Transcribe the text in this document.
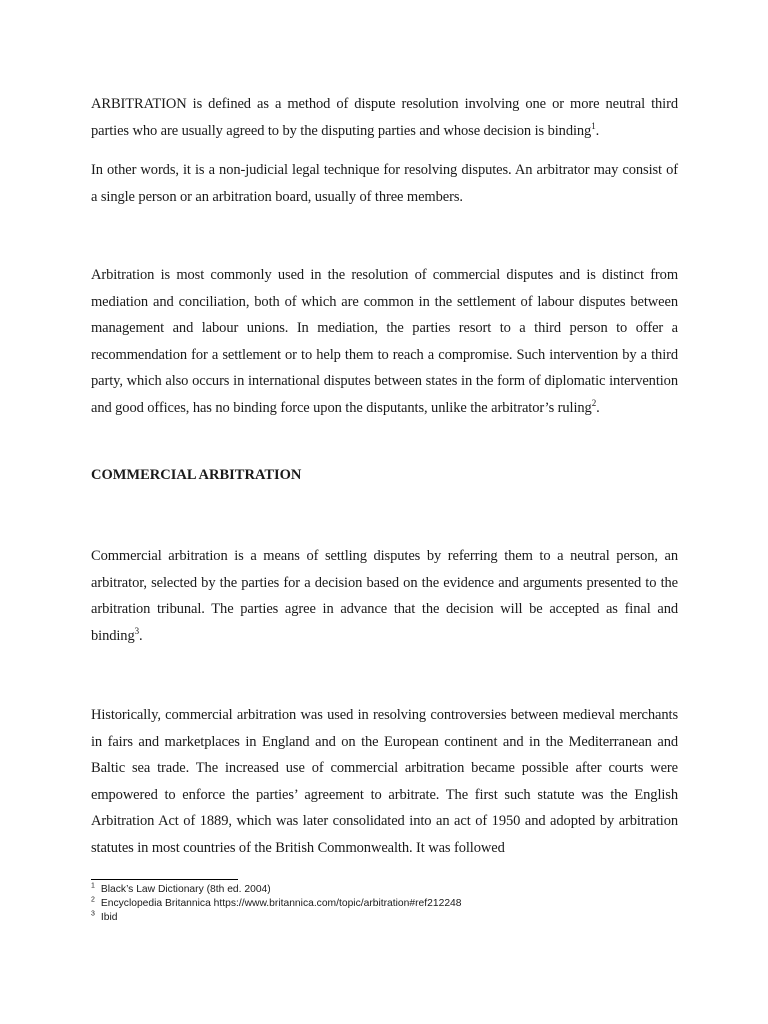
ARBITRATION is defined as a method of dispute resolution involving one or more neutral third parties who are usually agreed to by the disputing parties and whose decision is binding$^1$.

In other words, it is a non-judicial legal technique for resolving disputes. An arbitrator may consist of a single person or an arbitration board, usually of three members.

Arbitration is most commonly used in the resolution of commercial disputes and is distinct from mediation and conciliation, both of which are common in the settlement of labour disputes between management and labour unions. In mediation, the parties resort to a third person to offer a recommendation for a settlement or to help them to reach a compromise. Such intervention by a third party, which also occurs in international disputes between states in the form of diplomatic intervention and good offices, has no binding force upon the disputants, unlike the arbitrator’s ruling$^2$.

COMMERCIAL ARBITRATION

Commercial arbitration is a means of settling disputes by referring them to a neutral person, an arbitrator, selected by the parties for a decision based on the evidence and arguments presented to the arbitration tribunal. The parties agree in advance that the decision will be accepted as final and binding$^3$.

Historically, commercial arbitration was used in resolving controversies between medieval merchants in fairs and marketplaces in England and on the European continent and in the Mediterranean and Baltic sea trade. The increased use of commercial arbitration became possible after courts were empowered to enforce the parties’ agreement to arbitrate. The first such statute was the English Arbitration Act of 1889, which was later consolidated into an act of 1950 and adopted by arbitration statutes in most countries of the British Commonwealth. It was followed

$^1$ Black’s Law Dictionary (8th ed. 2004)

$^2$ Encyclopedia Britannica https://www.britannica.com/topic/arbitration#ref212248

$^3$ Ibid
